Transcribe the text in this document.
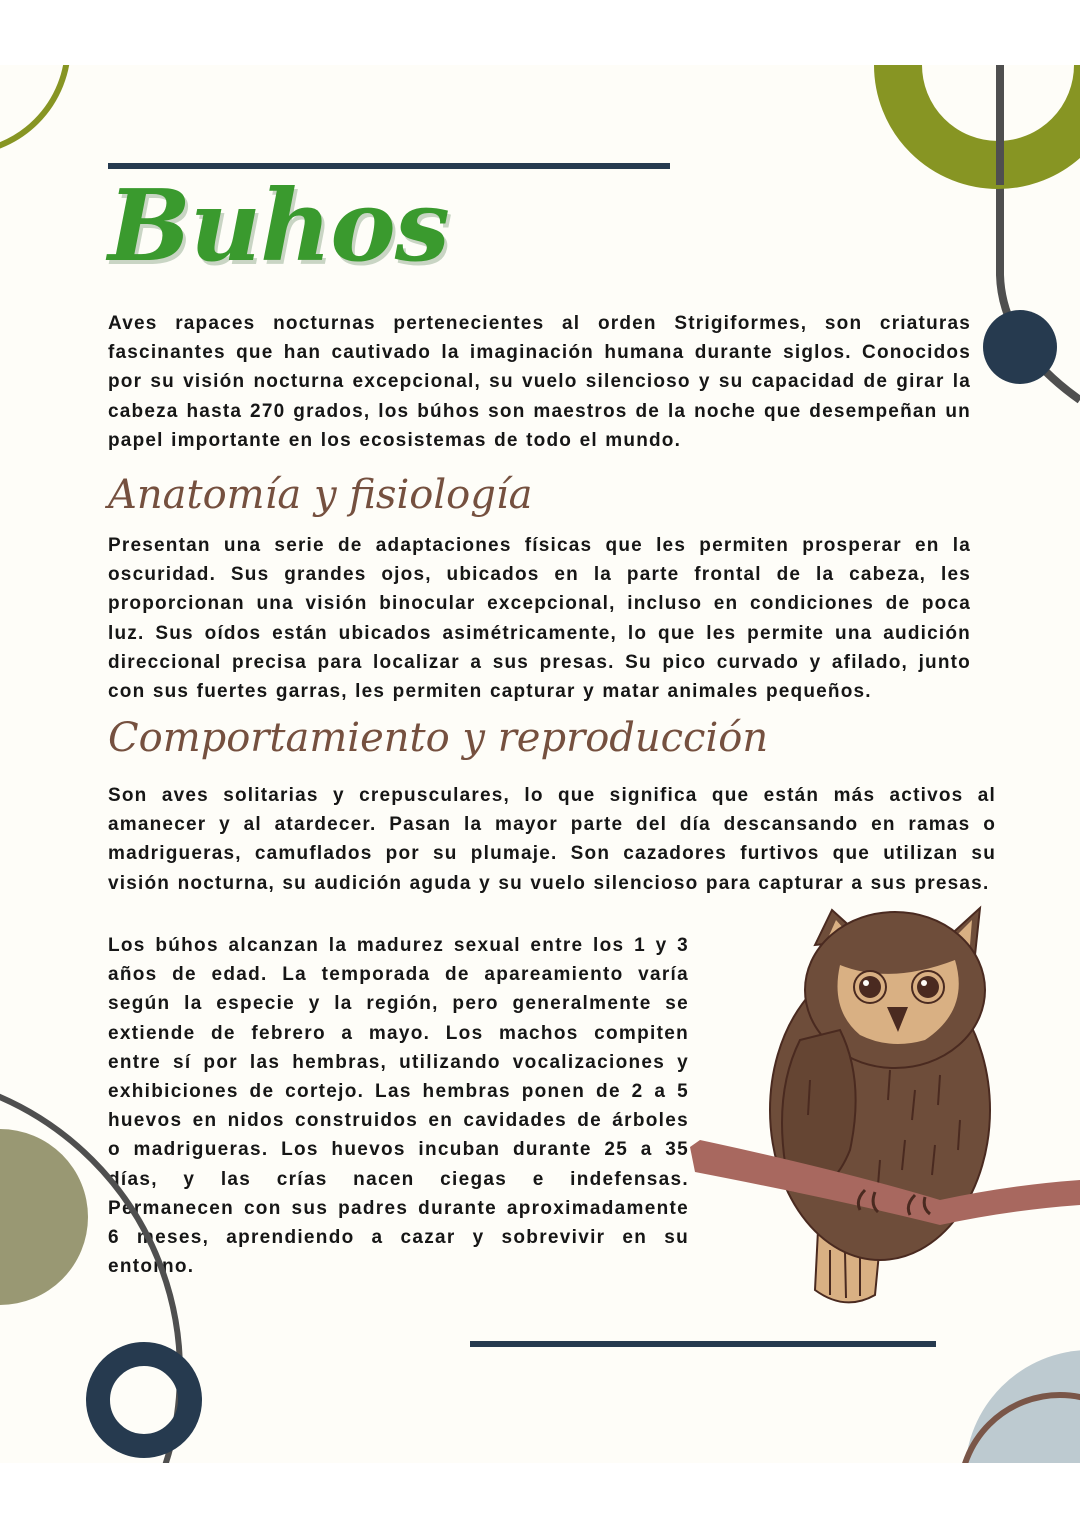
Buhos

Aves rapaces nocturnas pertenecientes al orden Strigiformes, son criaturas fascinantes que han cautivado la imaginación humana durante siglos. Conocidos por su visión nocturna excepcional, su vuelo silencioso y su capacidad de girar la cabeza hasta 270 grados, los búhos son maestros de la noche que desempeñan un papel importante en los ecosistemas de todo el mundo.

Anatomía y fisiología

Presentan una serie de adaptaciones físicas que les permiten prosperar en la oscuridad. Sus grandes ojos, ubicados en la parte frontal de la cabeza, les proporcionan una visión binocular excepcional, incluso en condiciones de poca luz. Sus oídos están ubicados asimétricamente, lo que les permite una audición direccional precisa para localizar a sus presas. Su pico curvado y afilado, junto con sus fuertes garras, les permiten capturar y matar animales pequeños.

Comportamiento y reproducción

Son aves solitarias y crepusculares, lo que significa que están más activos al amanecer y al atardecer. Pasan la mayor parte del día descansando en ramas o madrigueras, camuflados por su plumaje. Son cazadores furtivos que utilizan su visión nocturna, su audición aguda y su vuelo silencioso para capturar a sus presas.

Los búhos alcanzan la madurez sexual entre los 1 y 3 años de edad. La temporada de apareamiento varía según la especie y la región, pero generalmente se extiende de febrero a mayo. Los machos compiten entre sí por las hembras, utilizando vocalizaciones y exhibiciones de cortejo. Las hembras ponen de 2 a 5 huevos en nidos construidos en cavidades de árboles o madrigueras. Los huevos incuban durante 25 a 35 días, y las crías nacen ciegas e indefensas. Permanecen con sus padres durante aproximadamente 6 meses, aprendiendo a cazar y sobrevivir en su entorno.
